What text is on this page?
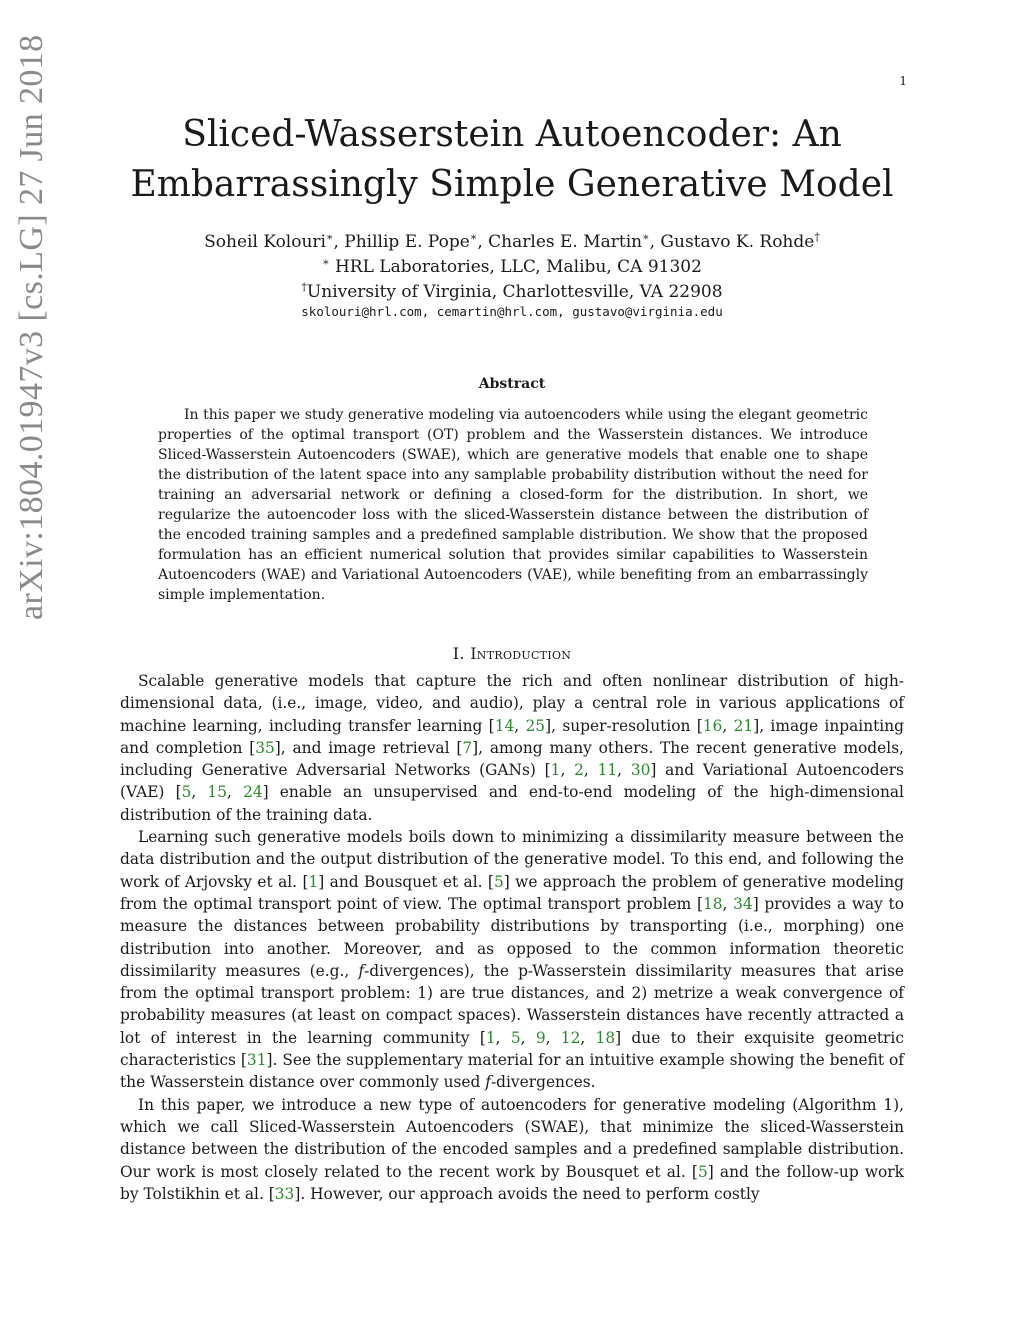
1
arXiv:1804.01947v3 [cs.LG] 27 Jun 2018	Sliced-Wasserstein Autoencoder: An
Embarrassingly Simple Generative Model
Soheil Kolouri∗, Phillip E. Pope∗, Charles E. Martin∗, Gustavo K. Rohde†
∗ HRL Laboratories, LLC, Malibu, CA 91302
†University of Virginia, Charlottesville, VA 22908
skolouri@hrl.com, cemartin@hrl.com, gustavo@virginia.edu
Abstract

In this paper we study generative modeling via autoencoders while using the elegant geometric properties of the optimal transport (OT) problem and the Wasserstein distances. We introduce Sliced-Wasserstein Autoencoders (SWAE), which are generative models that enable one to shape the distribution of the latent space into any samplable probability distribution without the need for training an adversarial network or defining a closed-form for the distribution. In short, we regularize the autoencoder loss with the sliced-Wasserstein distance between the distribution of the encoded training samples and a predefined samplable distribution. We show that the proposed formulation has an efficient numerical solution that provides similar capabilities to Wasserstein Autoencoders (WAE) and Variational Autoencoders (VAE), while benefiting from an embarrassingly simple implementation.

I. Introduction

Scalable generative models that capture the rich and often nonlinear distribution of high-dimensional data, (i.e., image, video, and audio), play a central role in various applications of machine learning, including transfer learning [14, 25], super-resolution [16, 21], image inpainting and completion [35], and image retrieval [7], among many others. The recent generative models, including Generative Adversarial Networks (GANs) [1, 2, 11, 30] and Variational Autoencoders (VAE) [5, 15, 24] enable an unsupervised and end-to-end modeling of the high-dimensional distribution of the training data.

Learning such generative models boils down to minimizing a dissimilarity measure between the data distribution and the output distribution of the generative model. To this end, and following the work of Arjovsky et al. [1] and Bousquet et al. [5] we approach the problem of generative modeling from the optimal transport point of view. The optimal transport problem [18, 34] provides a way to measure the distances between probability distributions by transporting (i.e., morphing) one distribution into another. Moreover, and as opposed to the common information theoretic dissimilarity measures (e.g., f-divergences), the p-Wasserstein dissimilarity measures that arise from the optimal transport problem: 1) are true distances, and 2) metrize a weak convergence of probability measures (at least on compact spaces). Wasserstein distances have recently attracted a lot of interest in the learning community [1, 5, 9, 12, 18] due to their exquisite geometric characteristics [31]. See the supplementary material for an intuitive example showing the benefit of the Wasserstein distance over commonly used f-divergences.

In this paper, we introduce a new type of autoencoders for generative modeling (Algorithm 1), which we call Sliced-Wasserstein Autoencoders (SWAE), that minimize the sliced-Wasserstein distance between the distribution of the encoded samples and a predefined samplable distribution. Our work is most closely related to the recent work by Bousquet et al. [5] and the follow-up work by Tolstikhin et al. [33]. However, our approach avoids the need to perform costly
